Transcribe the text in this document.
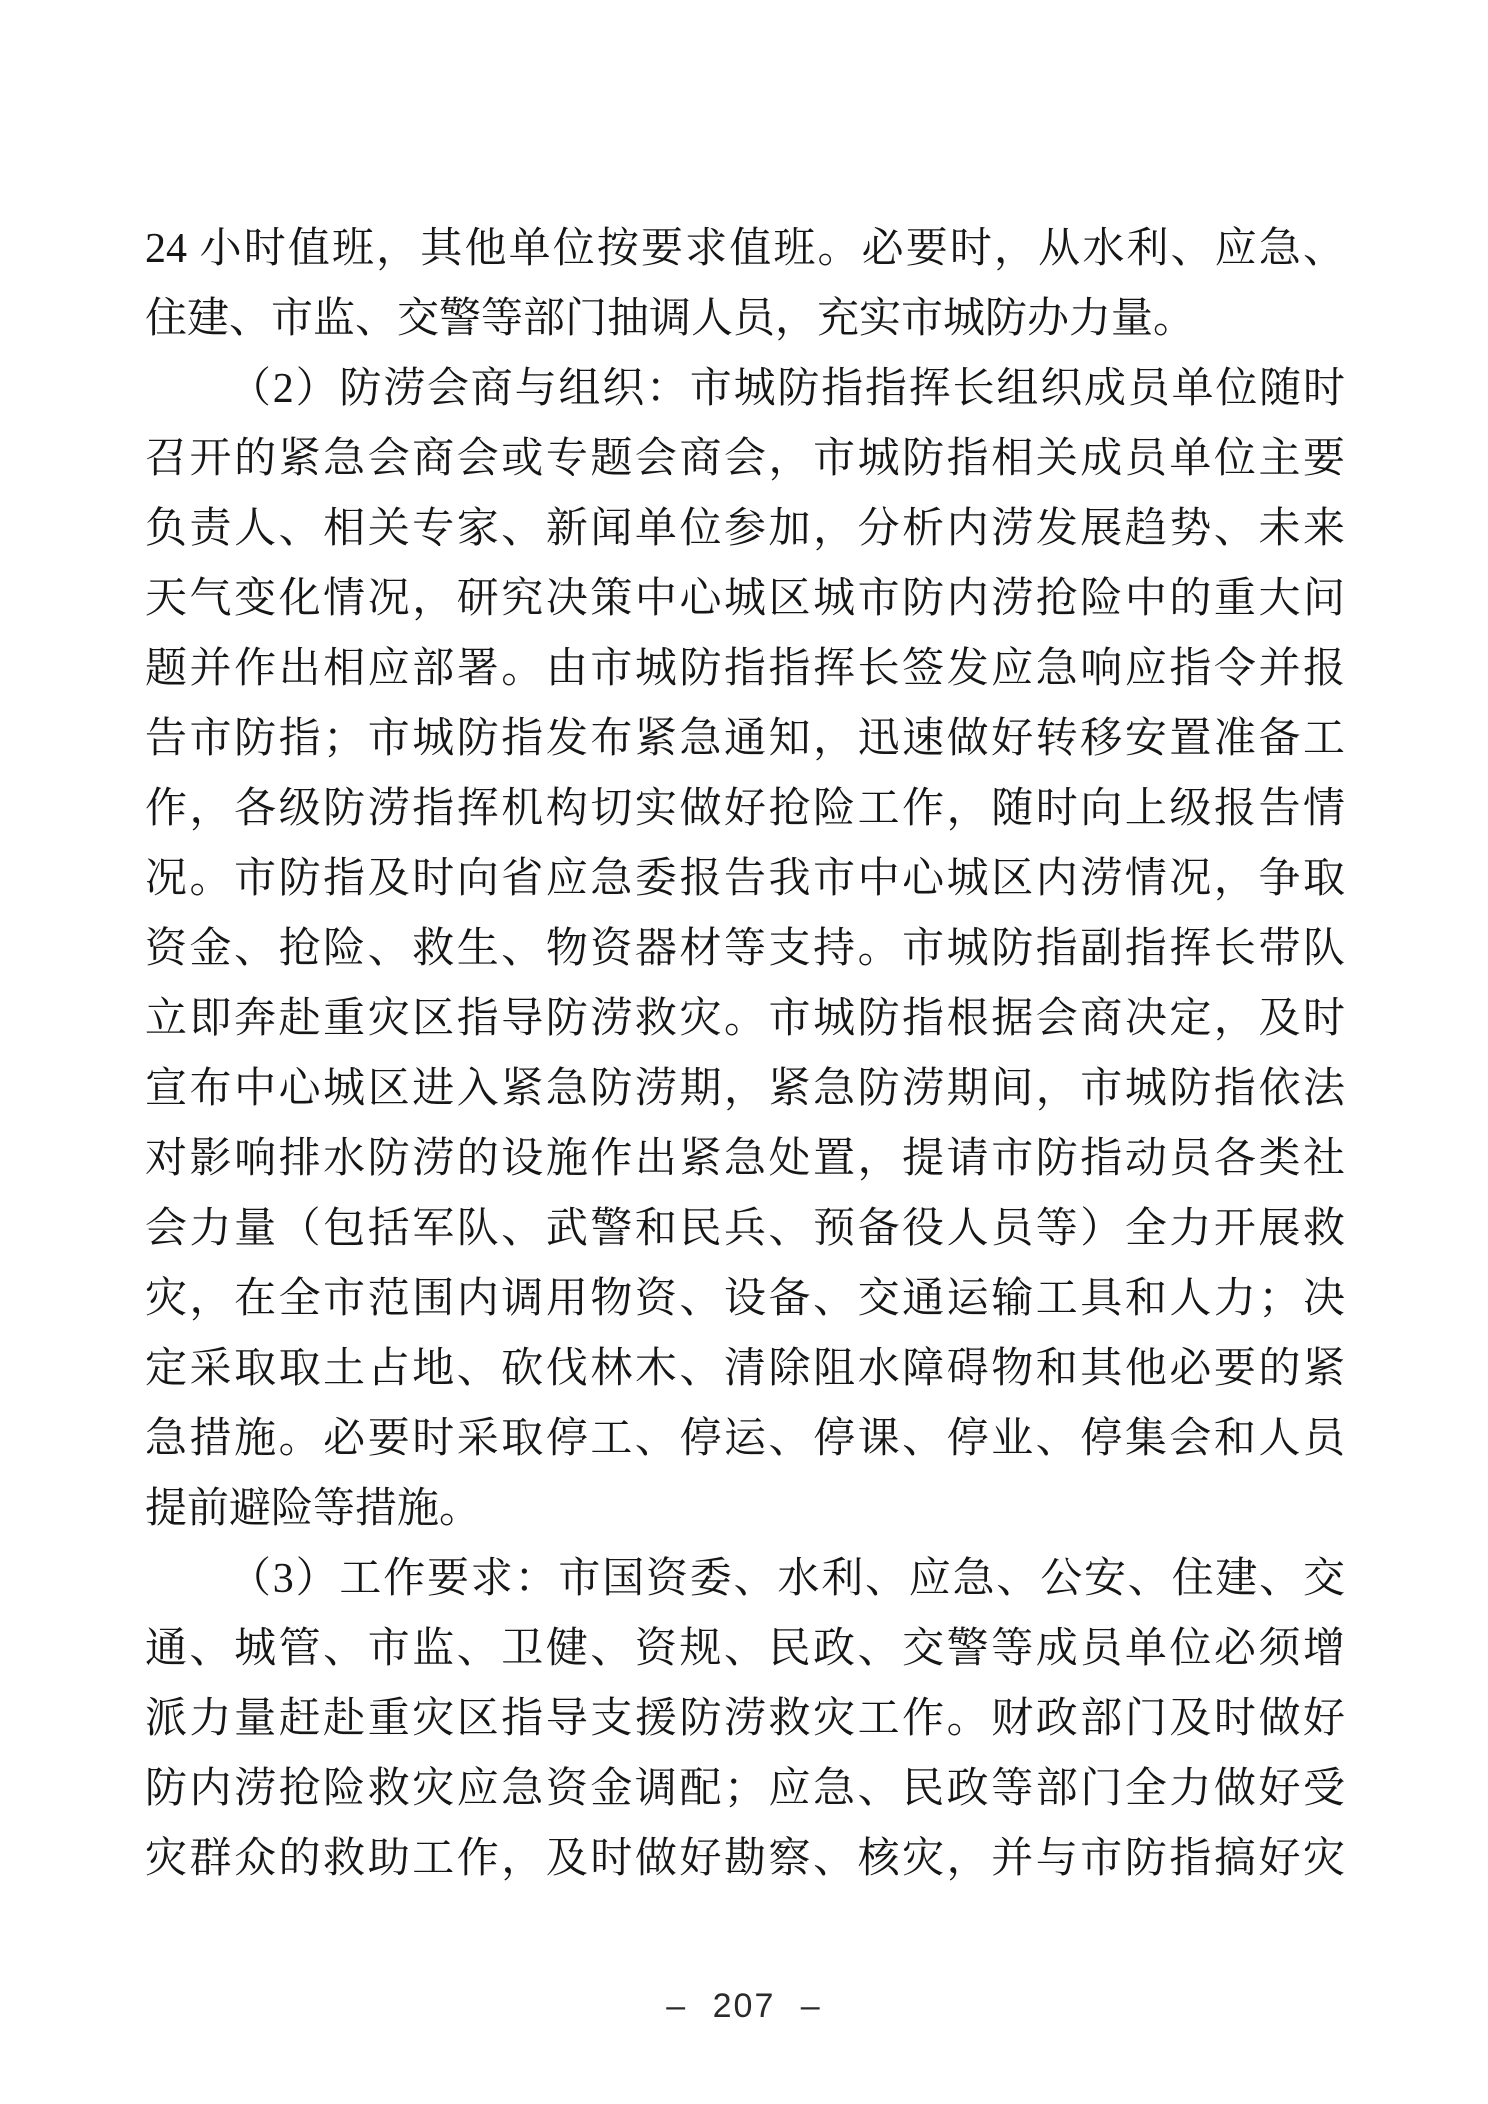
24 小时值班，其他单位按要求值班。必要时，从水利、应急、
住建、市监、交警等部门抽调人员，充实市城防办力量。
（2）防涝会商与组织：市城防指指挥长组织成员单位随时
召开的紧急会商会或专题会商会，市城防指相关成员单位主要
负责人、相关专家、新闻单位参加，分析内涝发展趋势、未来
天气变化情况，研究决策中心城区城市防内涝抢险中的重大问
题并作出相应部署。由市城防指指挥长签发应急响应指令并报
告市防指；市城防指发布紧急通知，迅速做好转移安置准备工
作，各级防涝指挥机构切实做好抢险工作，随时向上级报告情
况。市防指及时向省应急委报告我市中心城区内涝情况，争取
资金、抢险、救生、物资器材等支持。市城防指副指挥长带队
立即奔赴重灾区指导防涝救灾。市城防指根据会商决定，及时
宣布中心城区进入紧急防涝期，紧急防涝期间，市城防指依法
对影响排水防涝的设施作出紧急处置，提请市防指动员各类社
会力量（包括军队、武警和民兵、预备役人员等）全力开展救
灾，在全市范围内调用物资、设备、交通运输工具和人力；决
定采取取土占地、砍伐林木、清除阻水障碍物和其他必要的紧
急措施。必要时采取停工、停运、停课、停业、停集会和人员
提前避险等措施。
（3）工作要求：市国资委、水利、应急、公安、住建、交
通、城管、市监、卫健、资规、民政、交警等成员单位必须增
派力量赶赴重灾区指导支援防涝救灾工作。财政部门及时做好
防内涝抢险救灾应急资金调配；应急、民政等部门全力做好受
灾群众的救助工作，及时做好勘察、核灾，并与市防指搞好灾
– 207 –
